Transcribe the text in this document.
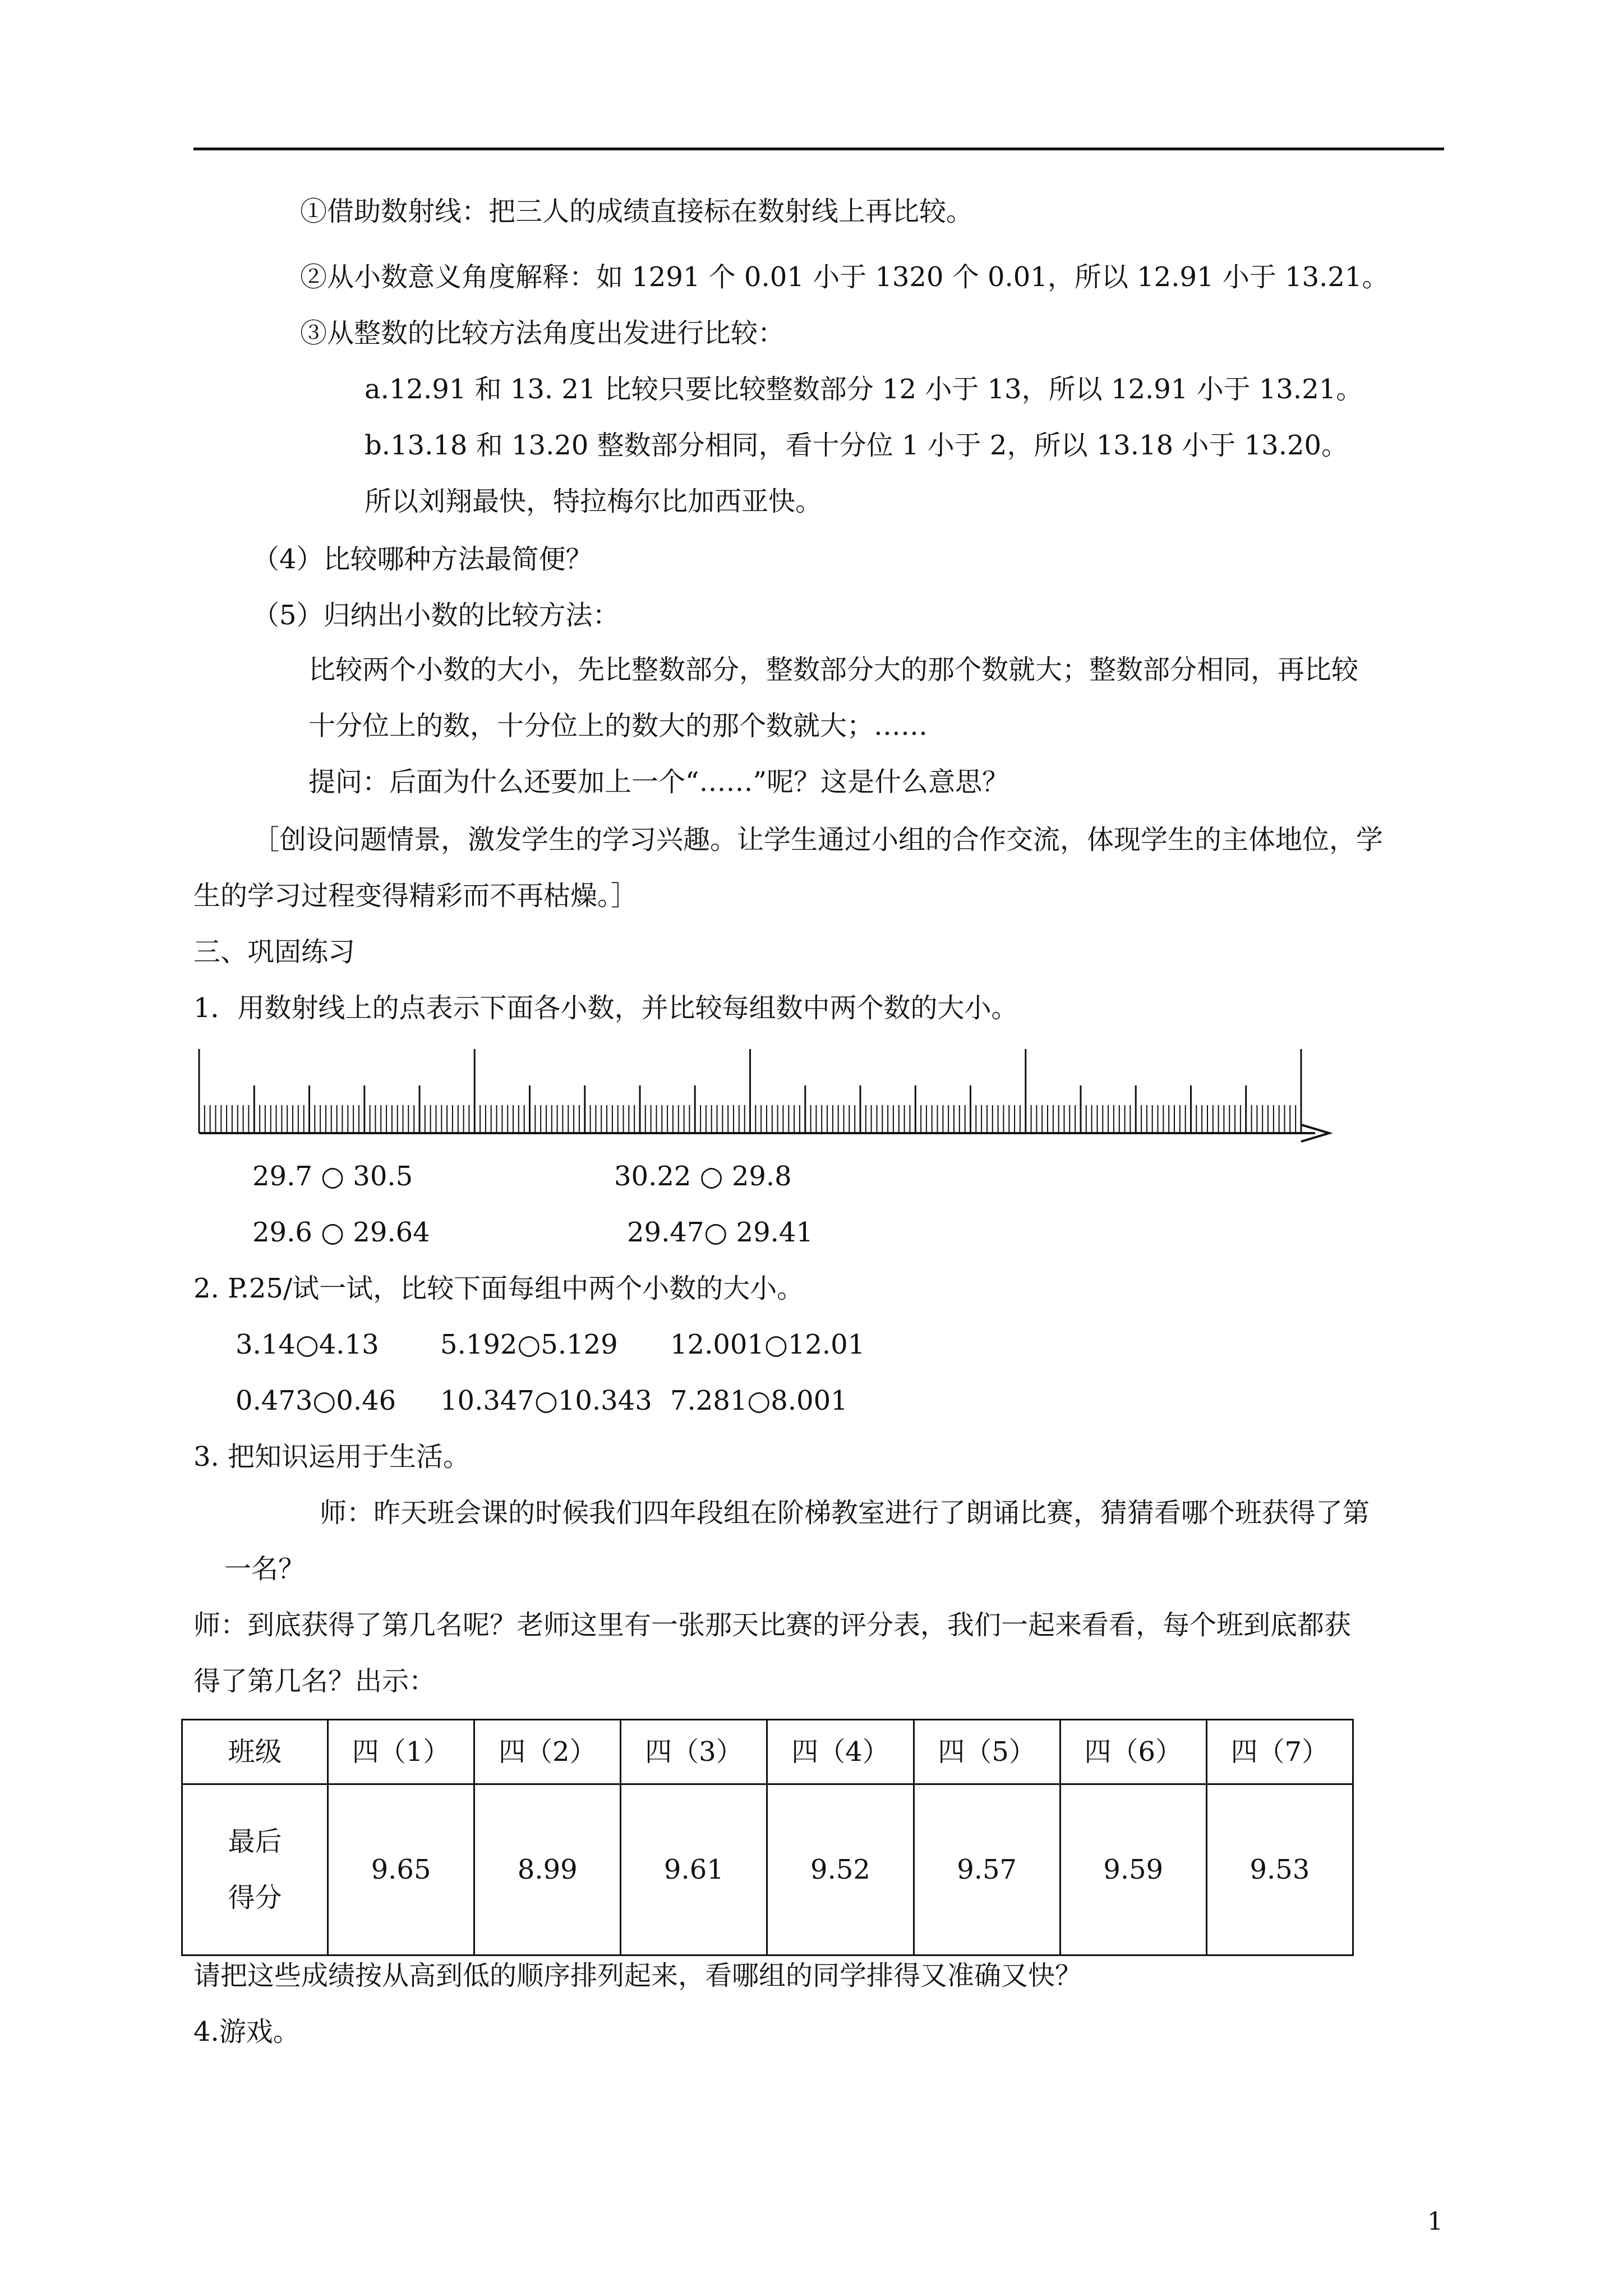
①借助数射线：把三人的成绩直接标在数射线上再比较。
②从小数意义角度解释：如 1291 个 0.01 小于 1320 个 0.01，所以 12.91 小于 13.21。
③从整数的比较方法角度出发进行比较：
a.12.91 和 13. 21 比较只要比较整数部分 12 小于 13，所以 12.91 小于 13.21。
b.13.18 和 13.20 整数部分相同，看十分位 1 小于 2，所以 13.18 小于 13.20。
所以刘翔最快，特拉梅尔比加西亚快。
（4）比较哪种方法最简便？
（5）归纳出小数的比较方法：
比较两个小数的大小，先比整数部分，整数部分大的那个数就大；整数部分相同，再比较
十分位上的数，十分位上的数大的那个数就大；……
提问：后面为什么还要加上一个“……”呢？这是什么意思？
［创设问题情景，激发学生的学习兴趣。让学生通过小组的合作交流，体现学生的主体地位，学
生的学习过程变得精彩而不再枯燥。］
三、巩固练习
1．用数射线上的点表示下面各小数，并比较每组数中两个数的大小。
29.7 ○ 30.5	30.22 ○ 29.8
29.6 ○ 29.64	29.47○ 29.41
2. P.25/试一试，比较下面每组中两个小数的大小。
3.14○4.13 5.192○5.129 12.001○12.01
0.473○0.46 10.347○10.343 7.281○8.001
3. 把知识运用于生活。
师：昨天班会课的时候我们四年段组在阶梯教室进行了朗诵比赛，猜猜看哪个班获得了第
一名？
师：到底获得了第几名呢？老师这里有一张那天比赛的评分表，我们一起来看看，每个班到底都获
得了第几名？出示：
班级	四（1）	四（2）	四（3）	四（4）	四（5）	四（6）	四（7）

最后
得分	9.65	8.99	9.61	9.52	9.57	9.59	9.53
请把这些成绩按从高到低的顺序排列起来，看哪组的同学排得又准确又快？
4.游戏。
1
